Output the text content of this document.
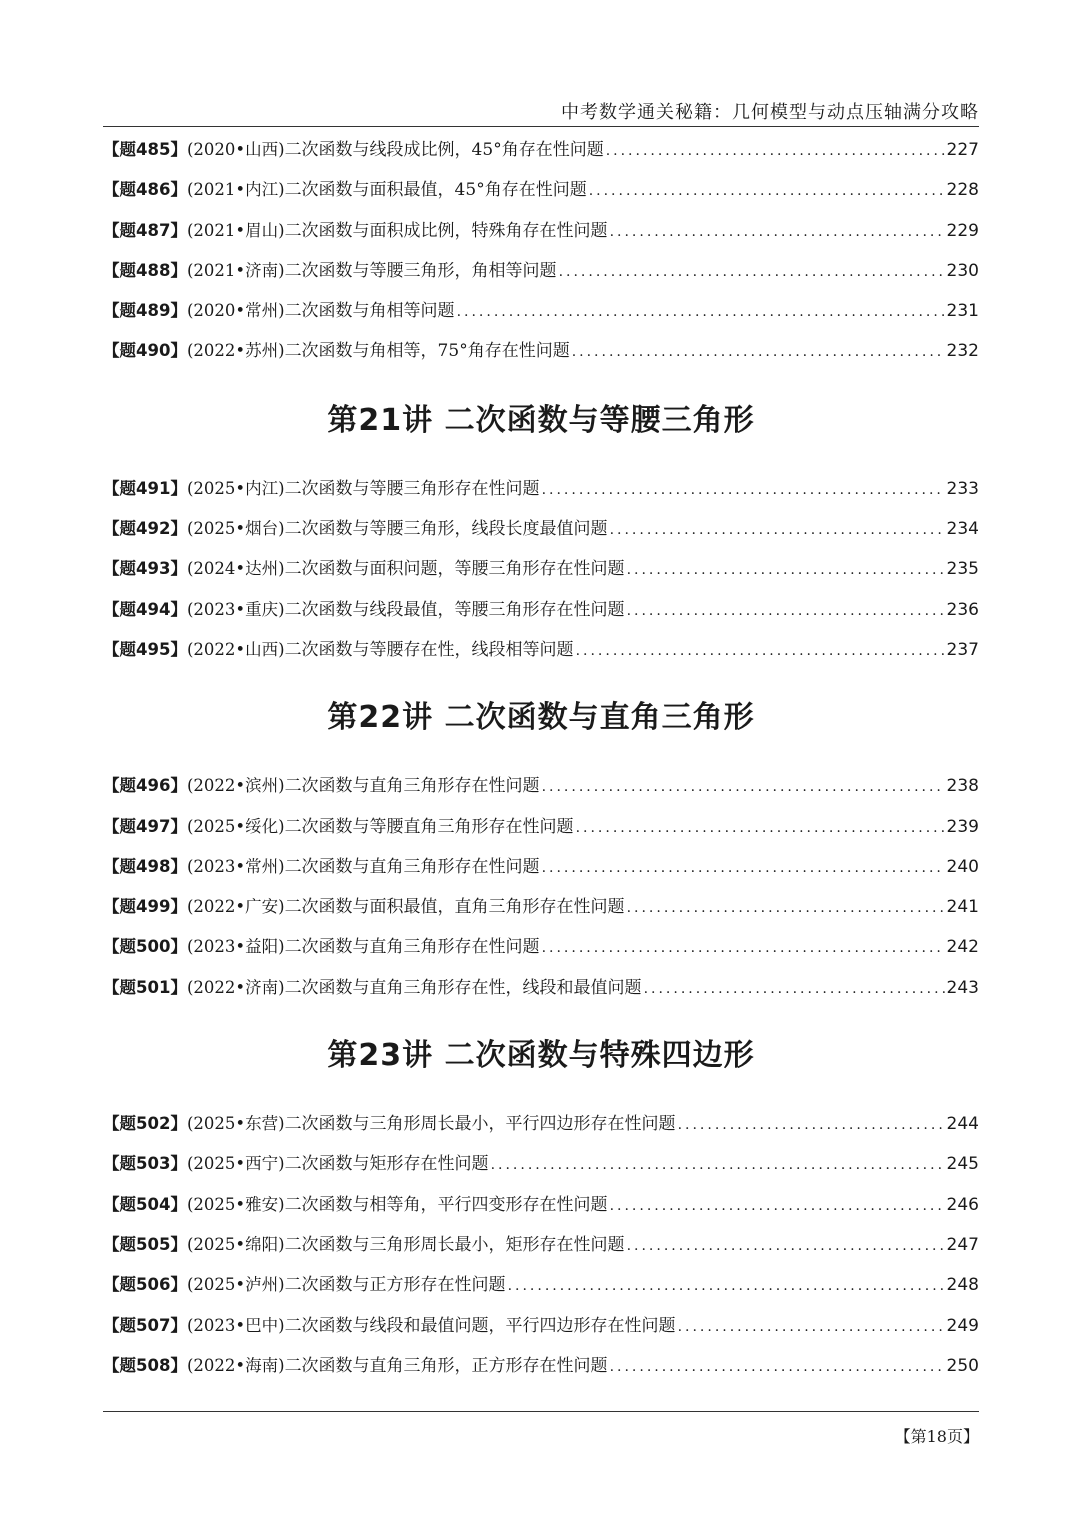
中考数学通关秘籍：几何模型与动点压轴满分攻略
【题485】 (2020•山西) 二次函数与线段成比例，45°角存在性问题 .....	227
【题486】 (2021•内江) 二次函数与面积最值，45°角存在性问题 .....	228
【题487】 (2021•眉山) 二次函数与面积成比例，特殊角存在性问题 .....	229
【题488】 (2021•济南) 二次函数与等腰三角形，角相等问题 .....	230
【题489】 (2020•常州) 二次函数与角相等问题 .....	231
【题490】 (2022•苏州) 二次函数与角相等，75°角存在性问题 .....	232
第21讲 二次函数与等腰三角形
【题491】 (2025•内江) 二次函数与等腰三角形存在性问题 .....	233
【题492】 (2025•烟台) 二次函数与等腰三角形，线段长度最值问题 .....	234
【题493】 (2024•达州) 二次函数与面积问题，等腰三角形存在性问题 .....	235
【题494】 (2023•重庆) 二次函数与线段最值，等腰三角形存在性问题 .....	236
【题495】 (2022•山西) 二次函数与等腰存在性，线段相等问题 .....	237
第22讲 二次函数与直角三角形
【题496】 (2022•滨州) 二次函数与直角三角形存在性问题 .....	238
【题497】 (2025•绥化) 二次函数与等腰直角三角形存在性问题 .....	239
【题498】 (2023•常州) 二次函数与直角三角形存在性问题 .....	240
【题499】 (2022•广安) 二次函数与面积最值，直角三角形存在性问题 .....	241
【题500】 (2023•益阳) 二次函数与直角三角形存在性问题 .....	242
【题501】 (2022•济南) 二次函数与直角三角形存在性，线段和最值问题 .....	243
第23讲 二次函数与特殊四边形
【题502】 (2025•东营) 二次函数与三角形周长最小，平行四边形存在性问题 .....	244
【题503】 (2025•西宁) 二次函数与矩形存在性问题 .....	245
【题504】 (2025•雅安) 二次函数与相等角，平行四变形存在性问题 .....	246
【题505】 (2025•绵阳) 二次函数与三角形周长最小，矩形存在性问题 .....	247
【题506】 (2025•泸州) 二次函数与正方形存在性问题 .....	248
【题507】 (2023•巴中) 二次函数与线段和最值问题，平行四边形存在性问题 .....	249
【题508】 (2022•海南) 二次函数与直角三角形，正方形存在性问题 .....	250
【第18页】
